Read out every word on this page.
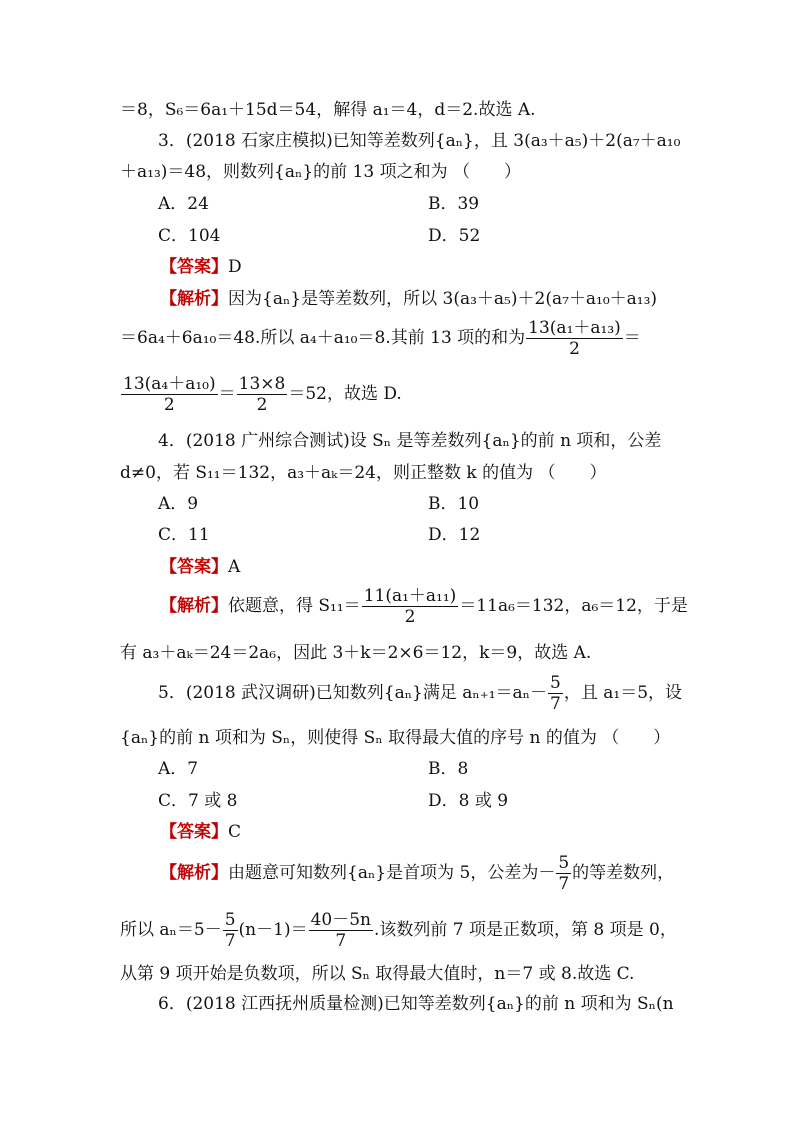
＝8，S₆＝6a₁＋15d＝54，解得 a₁＝4，d＝2.故选 A.
3．(2018 石家庄模拟)已知等差数列{aₙ}，且 3(a₃＋a₅)＋2(a₇＋a₁₀
＋a₁₃)＝48，则数列{aₙ}的前 13 项之和为 （　　）
A．24	B．39
C．104	D．52
【答案】D
【解析】因为{aₙ}是等差数列，所以 3(a₃＋a₅)＋2(a₇＋a₁₀＋a₁₃)
＝6a₄＋6a₁₀＝48.所以 a₄＋a₁₀＝8.其前 13 项的和为 $\frac{\text{13(a₁＋a₁₃)}}{2}$ ＝
$\frac{\text{13(a₄＋a₁₀)}}{2} = \frac{13\times 8}{2} =52$，故选 D.
4．(2018 广州综合测试)设 Sₙ 是等差数列{aₙ}的前 n 项和，公差
d≠0，若 S₁₁＝132，a₃＋aₖ＝24，则正整数 k 的值为 （　　）
A．9	B．10
C．11	D．12
【答案】A
【解析】依题意，得 $S_{11}= \frac{\text{11(a₁＋a₁₁)}}{2} =11a_6=132$，a₆＝12，于是
有 a₃＋aₖ＝24＝2a₆，因此 3＋k＝2×6＝12，k＝9，故选 A.
5．(2018 武汉调研)已知数列{aₙ}满足 $a_{n+1}=a_n- \frac{5}{7}$ ，且 a₁＝5，设
{aₙ}的前 n 项和为 Sₙ，则使得 Sₙ 取得最大值的序号 n 的值为 （　　）
A．7	B．8
C．7 或 8	D．8 或 9
【答案】C
【解析】由题意可知数列{aₙ}是首项为 5，公差为－ $\frac{5}{7}$ 的等差数列，
所以 $a_n=5- \frac{5}{7} (n-1)= \frac{40-5n}{7}$ .该数列前 7 项是正数项，第 8 项是 0，
从第 9 项开始是负数项，所以 Sₙ 取得最大值时，n＝7 或 8.故选 C.
6．(2018 江西抚州质量检测)已知等差数列{aₙ}的前 n 项和为 Sₙ(n
